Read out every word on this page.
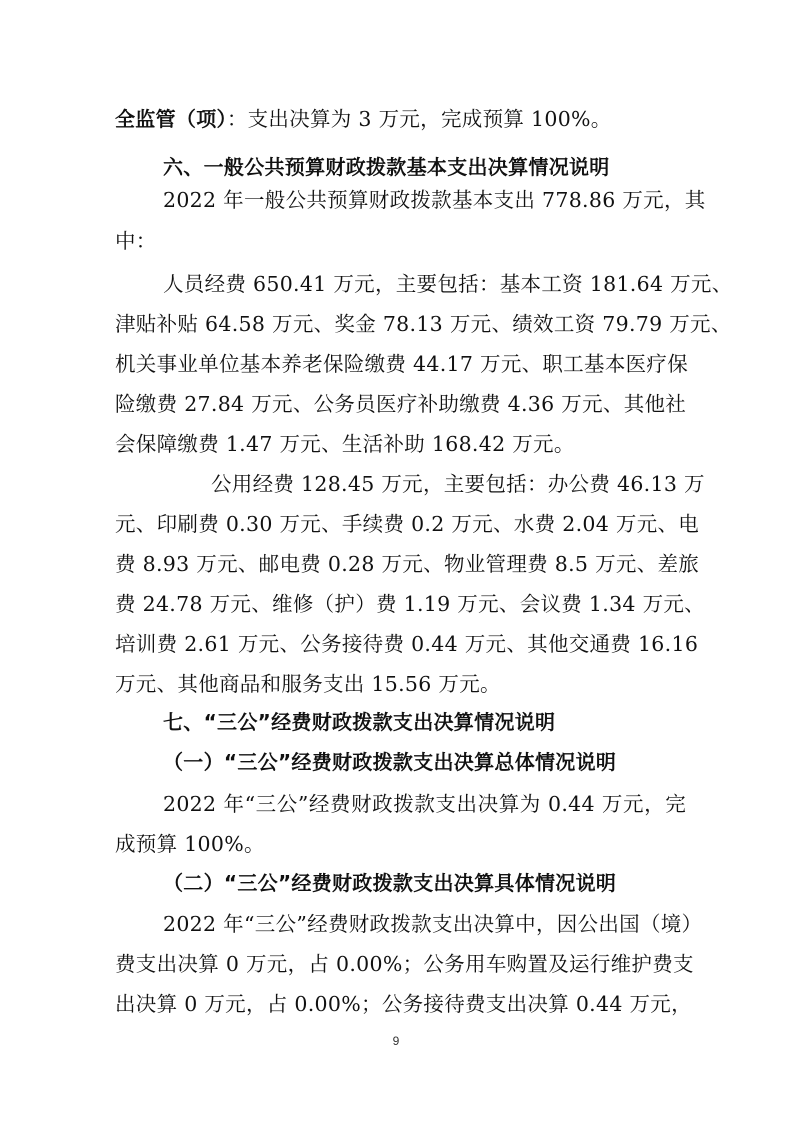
全监管（项）：支出决算为 3 万元，完成预算 100%。
六、一般公共预算财政拨款基本支出决算情况说明
2022 年一般公共预算财政拨款基本支出 778.86 万元，其
中：
人员经费 650.41 万元，主要包括：基本工资 181.64 万元、
津贴补贴 64.58 万元、奖金 78.13 万元、绩效工资 79.79 万元、
机关事业单位基本养老保险缴费 44.17 万元、职工基本医疗保
险缴费 27.84 万元、公务员医疗补助缴费 4.36 万元、其他社
会保障缴费 1.47 万元、生活补助 168.42 万元。
公用经费 128.45 万元，主要包括：办公费 46.13 万
元、印刷费 0.30 万元、手续费 0.2 万元、水费 2.04 万元、电
费 8.93 万元、邮电费 0.28 万元、物业管理费 8.5 万元、差旅
费 24.78 万元、维修（护）费 1.19 万元、会议费 1.34 万元、
培训费 2.61 万元、公务接待费 0.44 万元、其他交通费 16.16
万元、其他商品和服务支出 15.56 万元。
七、“三公”经费财政拨款支出决算情况说明
（一）“三公”经费财政拨款支出决算总体情况说明
2022 年“三公”经费财政拨款支出决算为 0.44 万元，完
成预算 100%。
（二）“三公”经费财政拨款支出决算具体情况说明
2022 年“三公”经费财政拨款支出决算中，因公出国（境）
费支出决算 0 万元，占 0.00%；公务用车购置及运行维护费支
出决算 0 万元，占 0.00%；公务接待费支出决算 0.44 万元，
9
